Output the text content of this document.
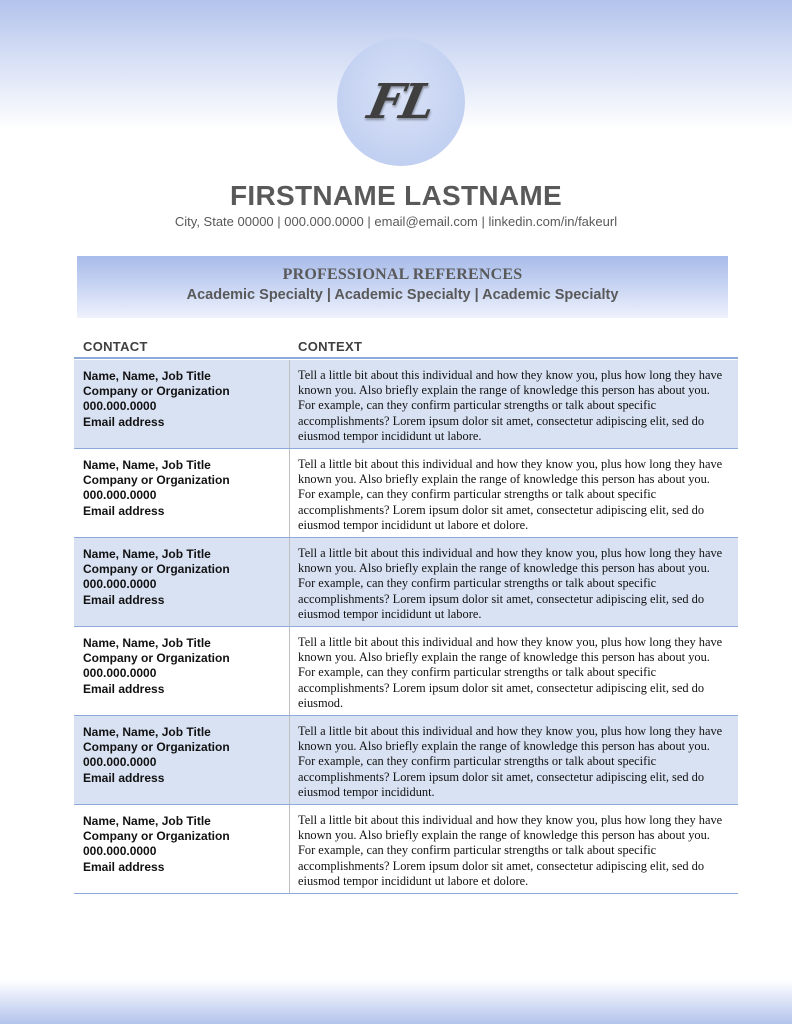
FL
FIRSTNAME LASTNAME
City, State 00000 | 000.000.0000 | email@email.com | linkedin.com/in/fakeurl
PROFESSIONAL REFERENCES
Academic Specialty | Academic Specialty | Academic Specialty
CONTACT	CONTEXT
Name, Name, Job Title
Company or Organization
000.000.0000
Email address
Tell a little bit about this individual and how they know you, plus how long they have known you. Also briefly explain the range of knowledge this person has about you. For example, can they confirm particular strengths or talk about specific accomplishments? Lorem ipsum dolor sit amet, consectetur adipiscing elit, sed do eiusmod tempor incididunt ut labore.
Name, Name, Job Title
Company or Organization
000.000.0000
Email address
Tell a little bit about this individual and how they know you, plus how long they have known you. Also briefly explain the range of knowledge this person has about you. For example, can they confirm particular strengths or talk about specific accomplishments? Lorem ipsum dolor sit amet, consectetur adipiscing elit, sed do eiusmod tempor incididunt ut labore et dolore.
Name, Name, Job Title
Company or Organization
000.000.0000
Email address
Tell a little bit about this individual and how they know you, plus how long they have known you. Also briefly explain the range of knowledge this person has about you. For example, can they confirm particular strengths or talk about specific accomplishments? Lorem ipsum dolor sit amet, consectetur adipiscing elit, sed do eiusmod tempor incididunt ut labore.
Name, Name, Job Title
Company or Organization
000.000.0000
Email address
Tell a little bit about this individual and how they know you, plus how long they have known you. Also briefly explain the range of knowledge this person has about you. For example, can they confirm particular strengths or talk about specific accomplishments? Lorem ipsum dolor sit amet, consectetur adipiscing elit, sed do eiusmod.
Name, Name, Job Title
Company or Organization
000.000.0000
Email address
Tell a little bit about this individual and how they know you, plus how long they have known you. Also briefly explain the range of knowledge this person has about you. For example, can they confirm particular strengths or talk about specific accomplishments? Lorem ipsum dolor sit amet, consectetur adipiscing elit, sed do eiusmod tempor incididunt.
Name, Name, Job Title
Company or Organization
000.000.0000
Email address
Tell a little bit about this individual and how they know you, plus how long they have known you. Also briefly explain the range of knowledge this person has about you. For example, can they confirm particular strengths or talk about specific accomplishments? Lorem ipsum dolor sit amet, consectetur adipiscing elit, sed do eiusmod tempor incididunt ut labore et dolore.
